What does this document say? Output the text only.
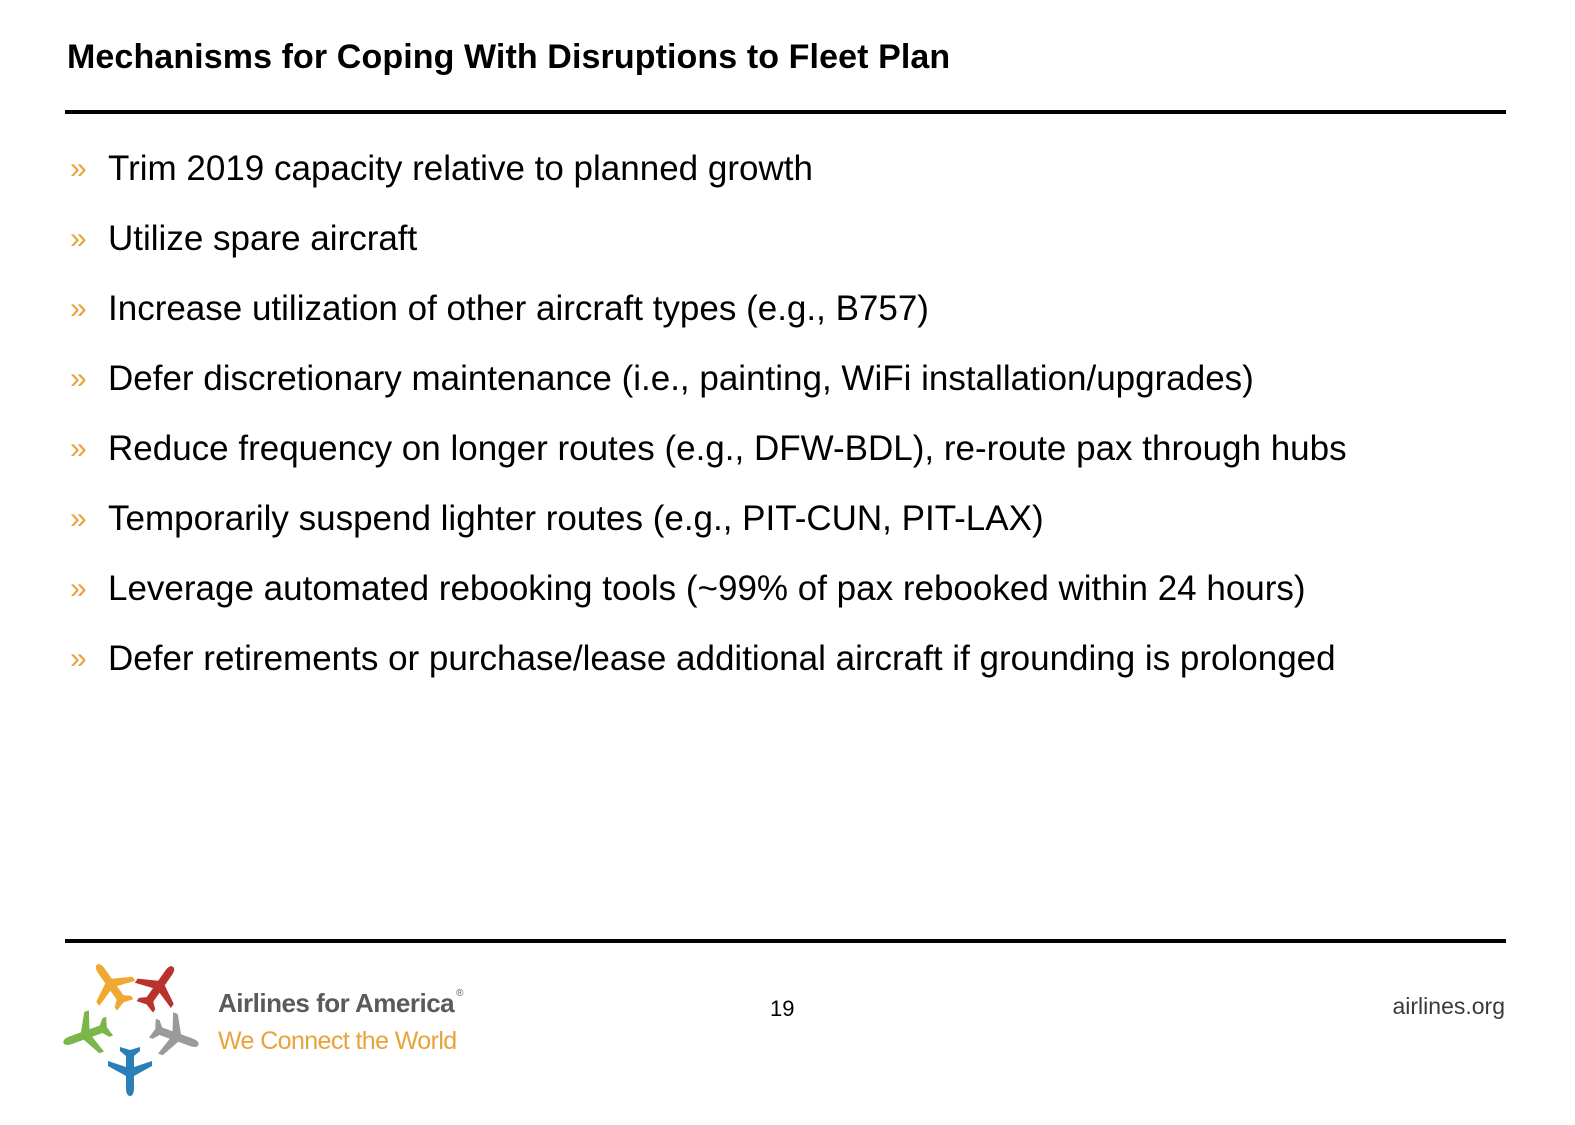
Mechanisms for Coping With Disruptions to Fleet Plan
» Trim 2019 capacity relative to planned growth
» Utilize spare aircraft
» Increase utilization of other aircraft types (e.g., B757)
» Defer discretionary maintenance (i.e., painting, WiFi installation/upgrades)
» Reduce frequency on longer routes (e.g., DFW-BDL), re-route pax through hubs
» Temporarily suspend lighter routes (e.g., PIT-CUN, PIT-LAX)
» Leverage automated rebooking tools (~99% of pax rebooked within 24 hours)
» Defer retirements or purchase/lease additional aircraft if grounding is prolonged
Airlines for America ®
We Connect the World
19	airlines.org
